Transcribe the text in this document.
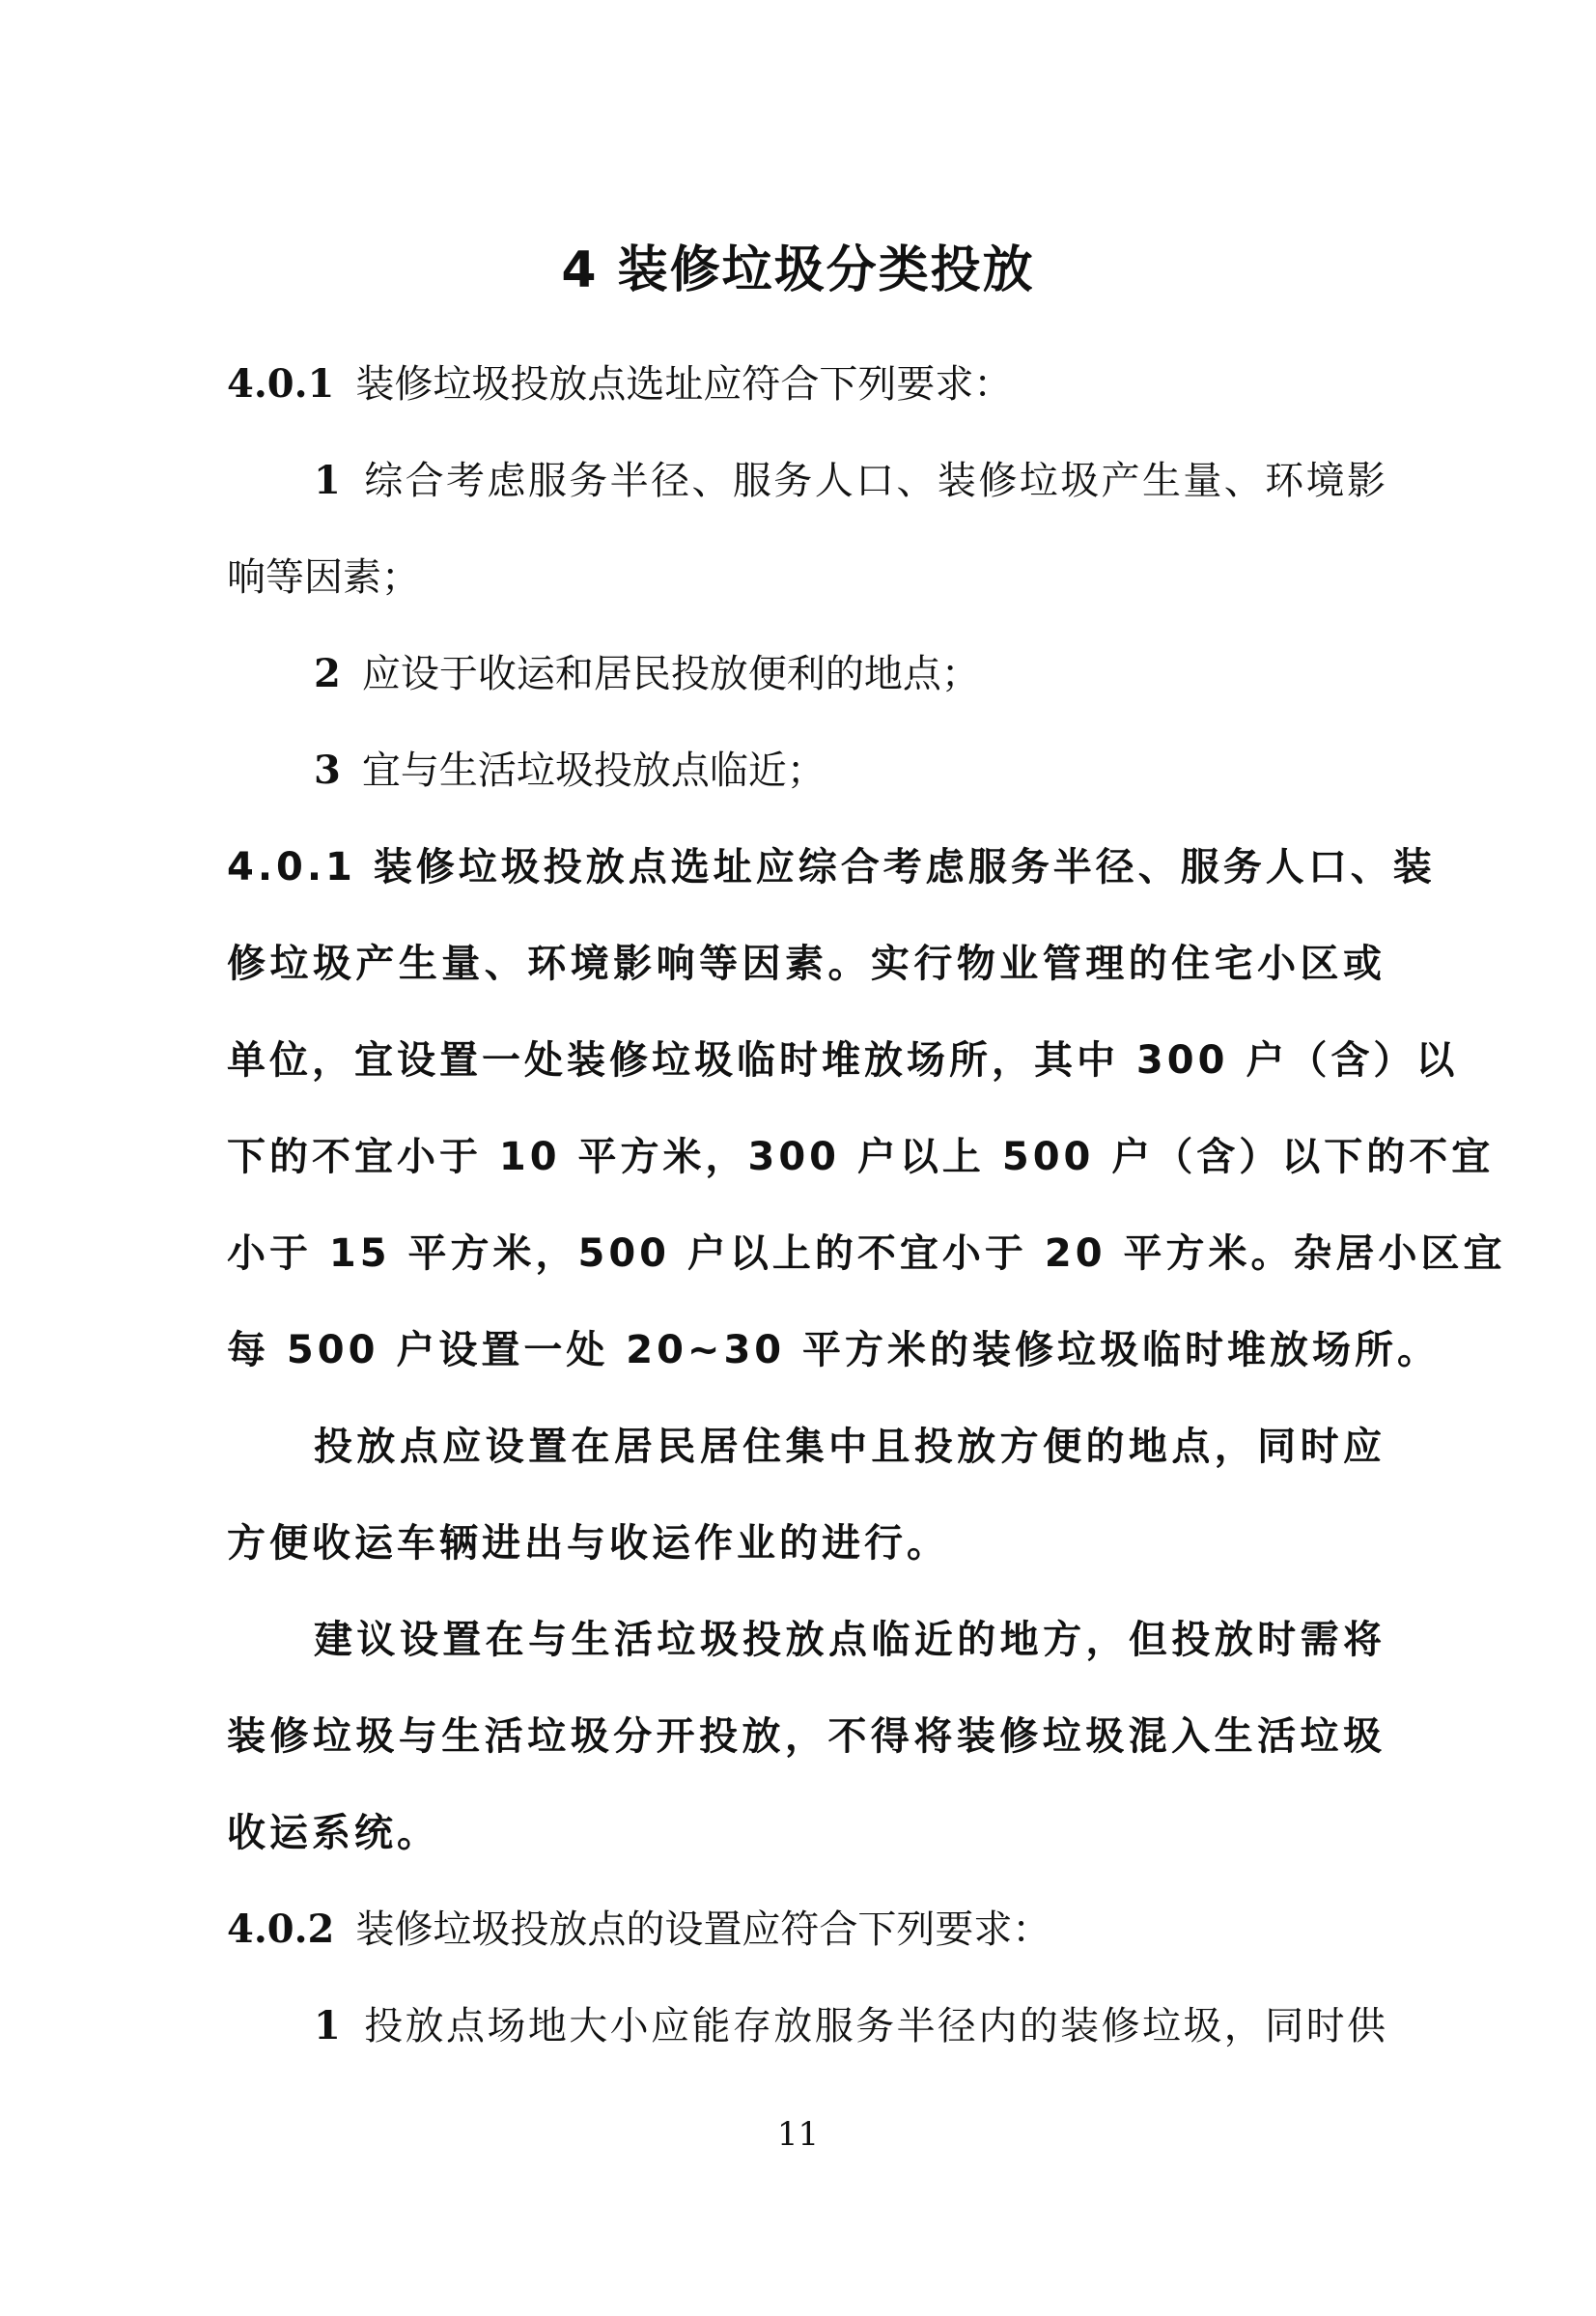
4 装修垃圾分类投放
4.0.1 装修垃圾投放点选址应符合下列要求：
1 综合考虑服务半径、服务人口、装修垃圾产生量、环境影
响等因素；
2 应设于收运和居民投放便利的地点；
3 宜与生活垃圾投放点临近；
4.0.1 装修垃圾投放点选址应综合考虑服务半径、服务人口、装
修垃圾产生量、环境影响等因素。实行物业管理的住宅小区或
单位，宜设置一处装修垃圾临时堆放场所，其中 300 户（含）以
下的不宜小于 10 平方米，300 户以上 500 户（含）以下的不宜
小于 15 平方米，500 户以上的不宜小于 20 平方米。杂居小区宜
每 500 户设置一处 20~30 平方米的装修垃圾临时堆放场所。
投放点应设置在居民居住集中且投放方便的地点，同时应
方便收运车辆进出与收运作业的进行。
建议设置在与生活垃圾投放点临近的地方，但投放时需将
装修垃圾与生活垃圾分开投放，不得将装修垃圾混入生活垃圾
收运系统。
4.0.2 装修垃圾投放点的设置应符合下列要求：
1 投放点场地大小应能存放服务半径内的装修垃圾，同时供
11
